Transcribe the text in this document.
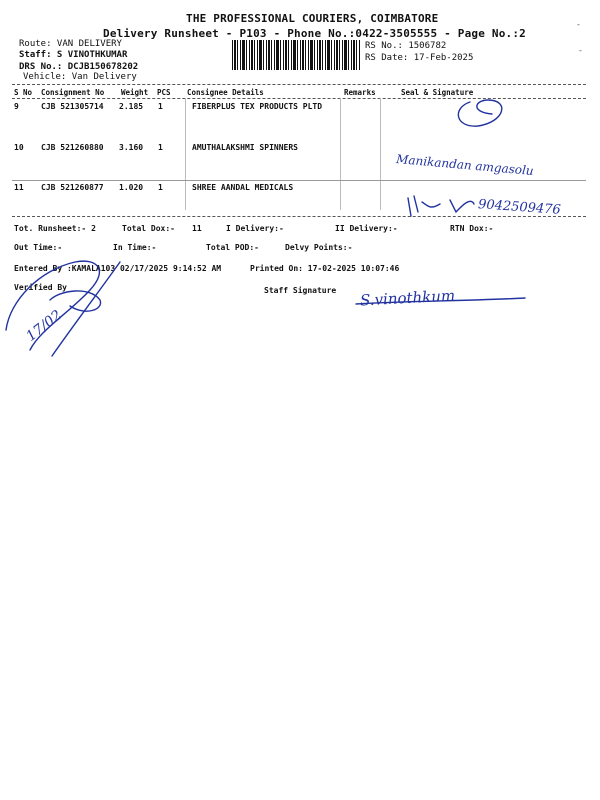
THE PROFESSIONAL COURIERS, COIMBATORE
Delivery Runsheet - P103 - Phone No.:0422-3505555 - Page No.:2
Route: VAN DELIVERY
Staff: S VINOTHKUMAR
DRS No.: DCJB150678202
Vehicle: Van Delivery
RS No.: 1506782
RS Date: 17-Feb-2025
-
-
S No Consignment No Weight PCS Consignee Details	Remarks	Seal & Signature
9	CJB 521305714 2.185 1	FIBERPLUS TEX PRODUCTS PLTD
10 CJB 521260880 3.160 1	AMUTHALAKSHMI SPINNERS
11 CJB 521260877 1.020 1	SHREE AANDAL MEDICALS
Tot. Runsheet:- 2	Total Dox:- 11	I Delivery:-	II Delivery:-	RTN Dox:-
Out Time:-	In Time:-	Total POD:-	Delvy Points:-
Entered By :KAMALA103 02/17/2025 9:14:52 AM	Printed On: 17-02-2025 10:07:46
Verified By	Staff Signature
Manikandan amgasolu
9042509476
17/02
S.vinothkum
